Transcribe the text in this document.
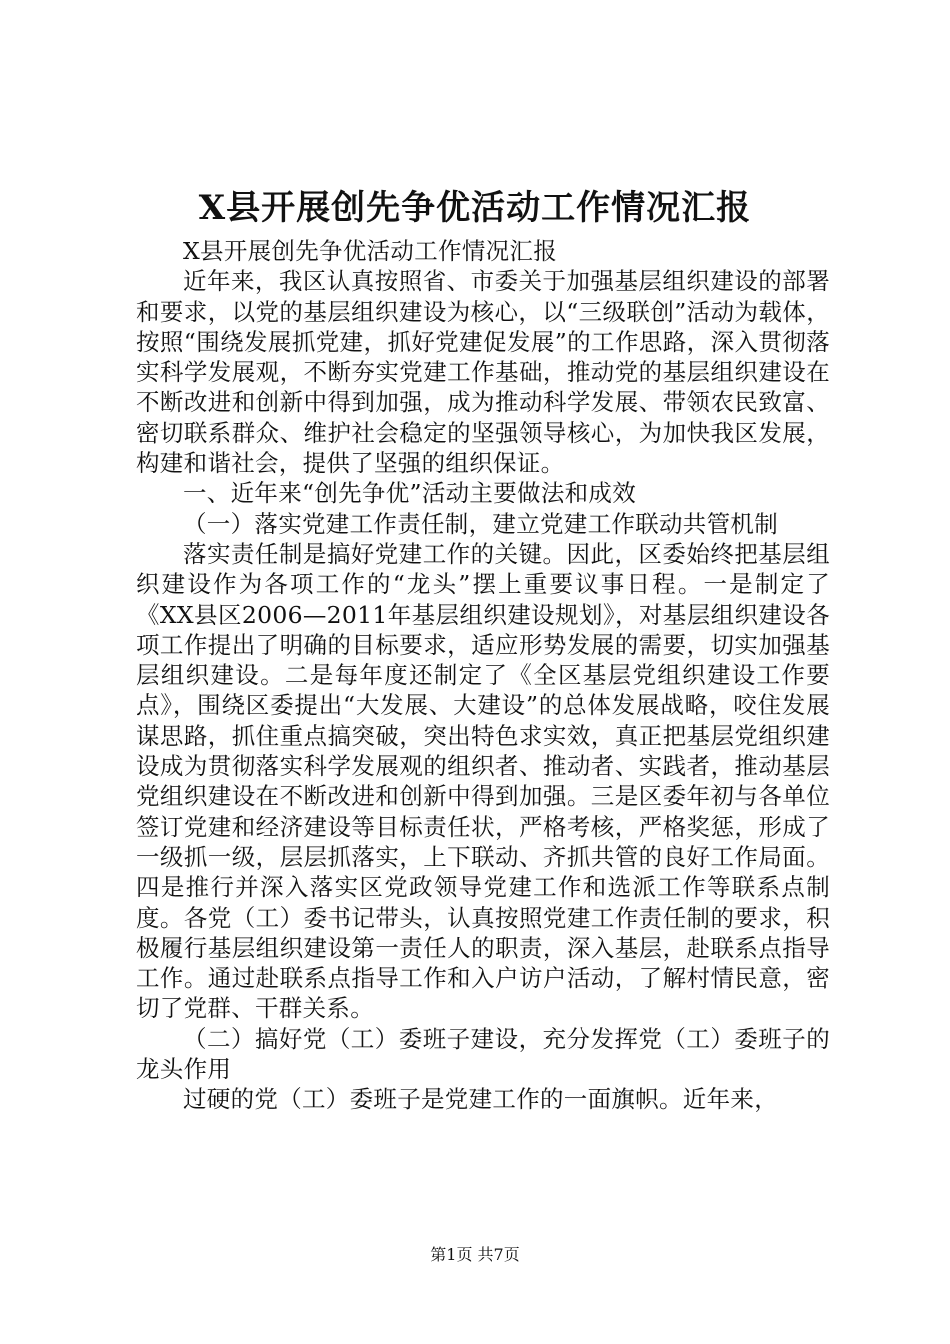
X县开展创先争优活动工作情况汇报

X县开展创先争优活动工作情况汇报

近年来，我区认真按照省、市委关于加强基层组织建设的部署和要求，以党的基层组织建设为核心，以“三级联创”活动为载体，按照“围绕发展抓党建，抓好党建促发展”的工作思路，深入贯彻落实科学发展观，不断夯实党建工作基础，推动党的基层组织建设在不断改进和创新中得到加强，成为推动科学发展、带领农民致富、密切联系群众、维护社会稳定的坚强领导核心，为加快我区发展，构建和谐社会，提供了坚强的组织保证。

一、近年来“创先争优”活动主要做法和成效

（一）落实党建工作责任制，建立党建工作联动共管机制

落实责任制是搞好党建工作的关键。因此，区委始终把基层组织建设作为各项工作的“龙头”摆上重要议事日程。一是制定了《XX县区2006—2011年基层组织建设规划》，对基层组织建设各项工作提出了明确的目标要求，适应形势发展的需要，切实加强基层组织建设。二是每年度还制定了《全区基层党组织建设工作要点》，围绕区委提出“大发展、大建设”的总体发展战略，咬住发展谋思路，抓住重点搞突破，突出特色求实效，真正把基层党组织建设成为贯彻落实科学发展观的组织者、推动者、实践者，推动基层党组织建设在不断改进和创新中得到加强。三是区委年初与各单位签订党建和经济建设等目标责任状，严格考核，严格奖惩，形成了一级抓一级，层层抓落实，上下联动、齐抓共管的良好工作局面。四是推行并深入落实区党政领导党建工作和选派工作等联系点制度。各党（工）委书记带头，认真按照党建工作责任制的要求，积极履行基层组织建设第一责任人的职责，深入基层，赴联系点指导工作。通过赴联系点指导工作和入户访户活动，了解村情民意，密切了党群、干群关系。

（二）搞好党（工）委班子建设，充分发挥党（工）委班子的龙头作用

过硬的党（工）委班子是党建工作的一面旗帜。近年来，

第1页 共7页
